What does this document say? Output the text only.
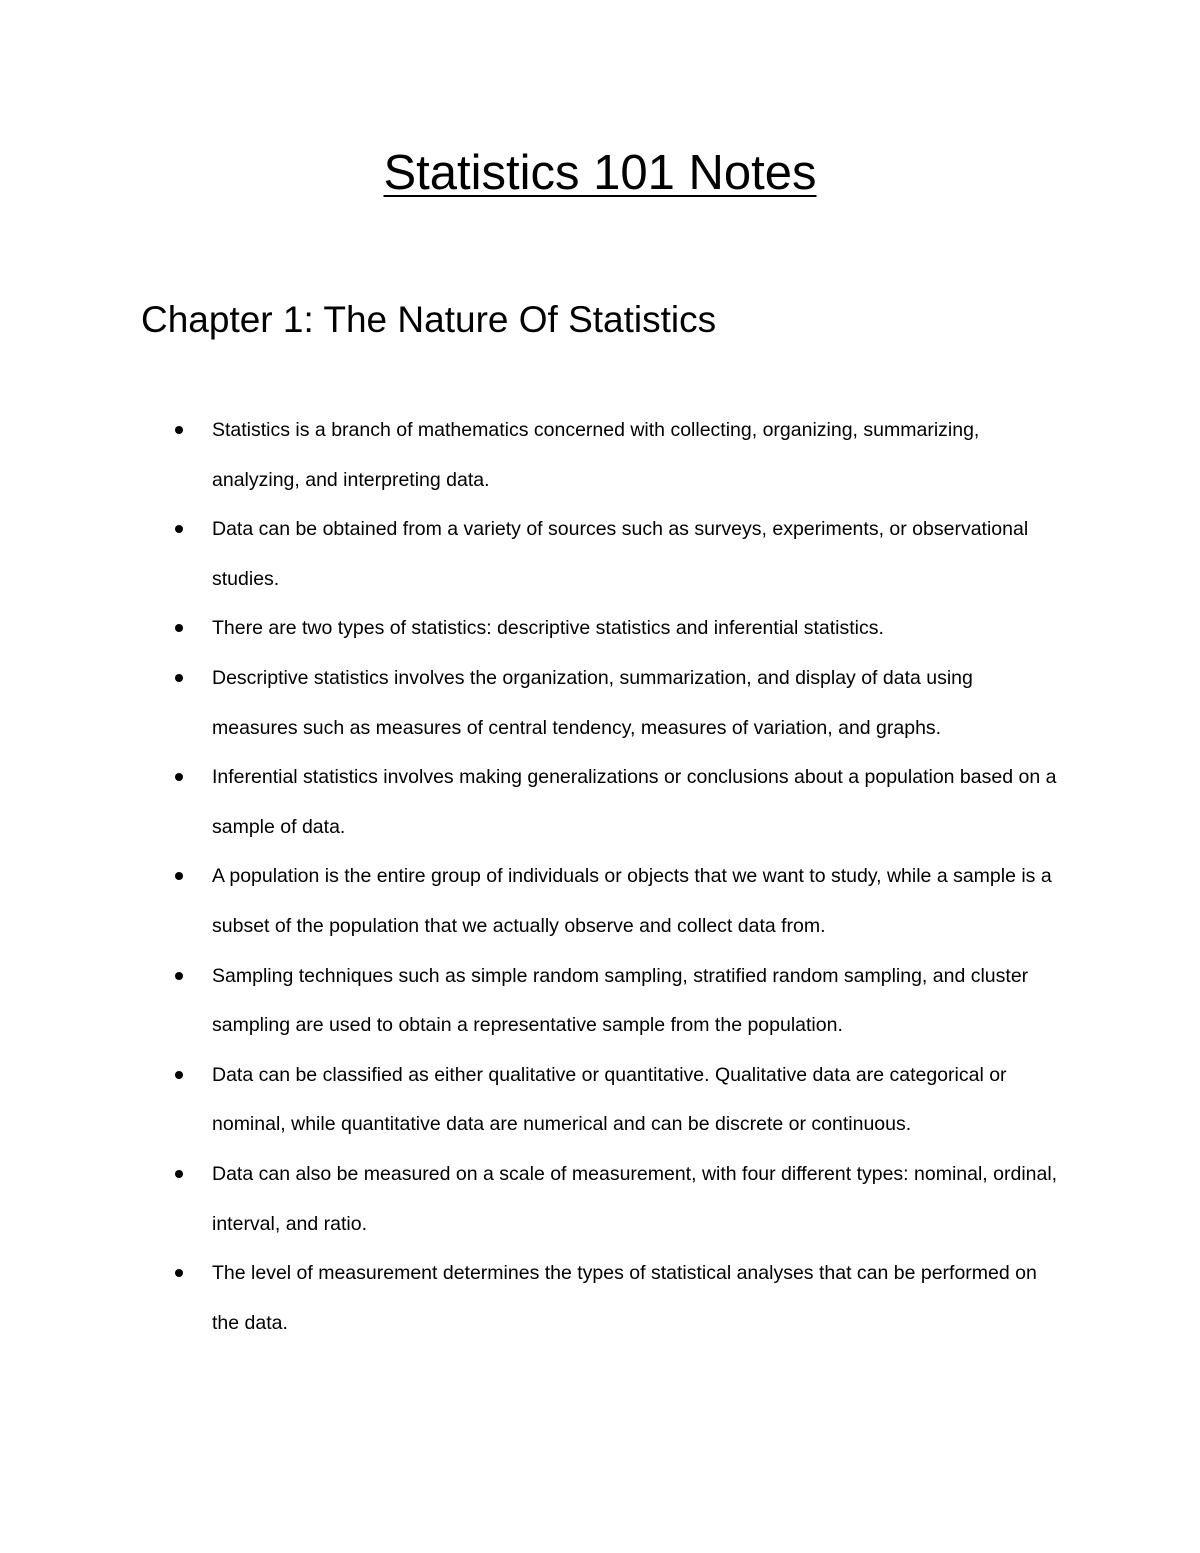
Statistics 101 Notes
Chapter 1: The Nature Of Statistics
Statistics is a branch of mathematics concerned with collecting, organizing, summarizing, analyzing, and interpreting data.
Data can be obtained from a variety of sources such as surveys, experiments, or observational studies.
There are two types of statistics: descriptive statistics and inferential statistics.
Descriptive statistics involves the organization, summarization, and display of data using measures such as measures of central tendency, measures of variation, and graphs.
Inferential statistics involves making generalizations or conclusions about a population based on a sample of data.
A population is the entire group of individuals or objects that we want to study, while a sample is a subset of the population that we actually observe and collect data from.
Sampling techniques such as simple random sampling, stratified random sampling, and cluster sampling are used to obtain a representative sample from the population.
Data can be classified as either qualitative or quantitative. Qualitative data are categorical or nominal, while quantitative data are numerical and can be discrete or continuous.
Data can also be measured on a scale of measurement, with four different types: nominal, ordinal, interval, and ratio.
The level of measurement determines the types of statistical analyses that can be performed on the data.
